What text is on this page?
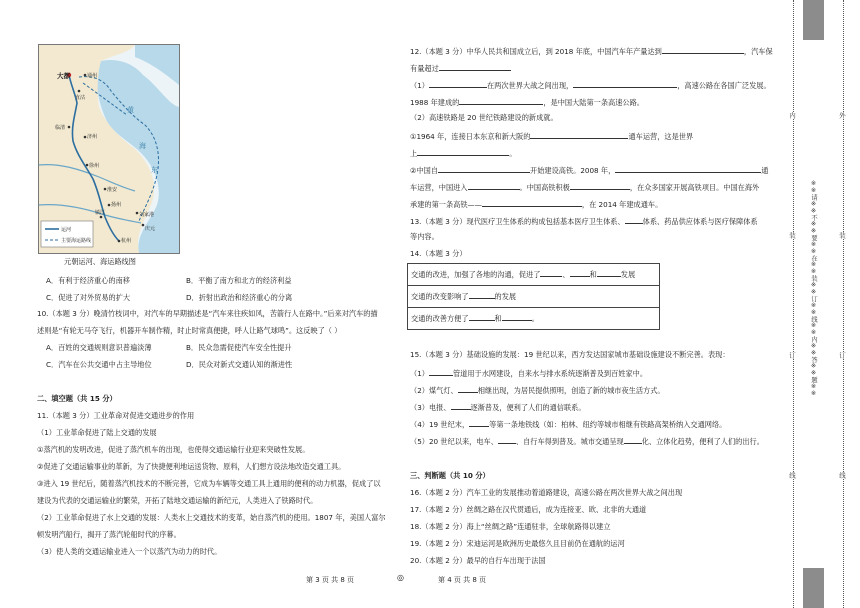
大都	通州
直沽
临清
济州
徐州
淮安
扬州
镇江
杭州
刘家港
庆元
黄
海
东
运河
主要海运路线
元朝运河、海运路线图
A．有利于经济重心的南移	B．平衡了南方和北方的经济利益
C．促进了对外贸易的扩大	D．折射出政治和经济重心的分离
10.（本题 3 分）晚清竹枝词中，对汽车的早期描述是“汽车来往疾如风，苦箭行人在路中。”后来对汽车的描
述则是“有轮无马夺飞行，机器开车制作精，时止时常真便捷，呼人让路气球鸣”。这反映了（ ）
A．百姓的交通规则意识普遍淡薄	B．民众急需促使汽车安全性提升
C．汽车在公共交通中占主导地位	D．民众对新式交通认知的渐进性
二、填空题（共 15 分）
11.（本题 3 分）工业革命对促进交通进步的作用
（1）工业革命促进了陆上交通的发展
①蒸汽机的发明改进，促进了蒸汽机车的出现，也使得交通运输行业迎来突破性发展。
②促进了交通运输事业的革新，为了快捷便利地运送货物、原料，人们想方设法地改造交通工具。
③进入 19 世纪后，随着蒸汽机技术的不断完善，它成为车辆等交通工具上通用的便利的动力机器，促成了以
建设为代表的交通运输业的繁荣，开拓了陆地交通运输的新纪元，人类进入了铁路时代。
（2）工业革命促进了水上交通的发展：人类水上交通技术的变革，始自蒸汽机的使用。1807 年，美国人富尔
顿发明汽船行，揭开了蒸汽轮船时代的序幕。
（3）使人类的交通运输业进入一个以蒸汽为动力的时代。
12.（本题 3 分）中华人民共和国成立后，到 2018 年底，中国汽车年产量达到	，汽车保
有量超过
（1）	在两次世界大战之间出现，	，高速公路在各国广泛发展。
1988 年建成的	，是中国大陆第一条高速公路。
（2）高速铁路是 20 世纪铁路建设的新成就。
①1964 年，连接日本东京和新大阪的	通车运营，这是世界
上	。
②中国自	开始建设高铁。2008 年，	通
车运营，中国进入	。中国高铁积极	，在众多国家开展高铁项目。中国在海外
承建的第一条高铁——	，在 2014 年建成通车。
13.（本题 3 分）现代医疗卫生体系的构成包括基本医疗卫生体系、	体系、药品供应体系与医疗保障体系
等内容。
14.（本题 3 分）
交通的改进，加强了各地的沟通，促进了	、	和	发展
交通的改变影响了	的发展
交通的改善方便了	和	。
15.（本题 3 分）基础设施的发展：19 世纪以来，西方发达国家城市基础设施建设不断完善。表现：
（1）	管道用于水网建设，自来水与排水系统逐渐普及到百姓家中。
（2）煤气灯、	相继出现，为居民提供照明，创造了新的城市夜生活方式。
（3）电报、	逐渐普及，便利了人们的通信联系。
（4）19 世纪末，	等第一条地铁线（如：柏林、纽约等城市相继有铁路高架桥纳入交通网络。
（5）20 世纪以来，电车、	、自行车得到普及。城市交通呈现	化、立体化趋势，便利了人们的出行。
三、判断题（共 10 分）
16.（本题 2 分）汽车工业的发展推动着道路建设，高速公路在两次世界大战之间出现
17.（本题 2 分）丝绸之路在汉代贯通后，成为连接亚、欧、北非的大通道
18.（本题 2 分）海上“丝绸之路”连通驻非，全球航路得以建立
19.（本题 2 分）宋迪运河是欧洲历史最悠久且目前仍在通航的运河
20.（本题 2 分）最早的自行车出现于法国
第 3 页 共 8 页	◎	第 4 页 共 8 页
内
装
订
线
※※请※※不※※要※※在※※装※※订※※线※※内※※答※※题※※
外
装
订
线
